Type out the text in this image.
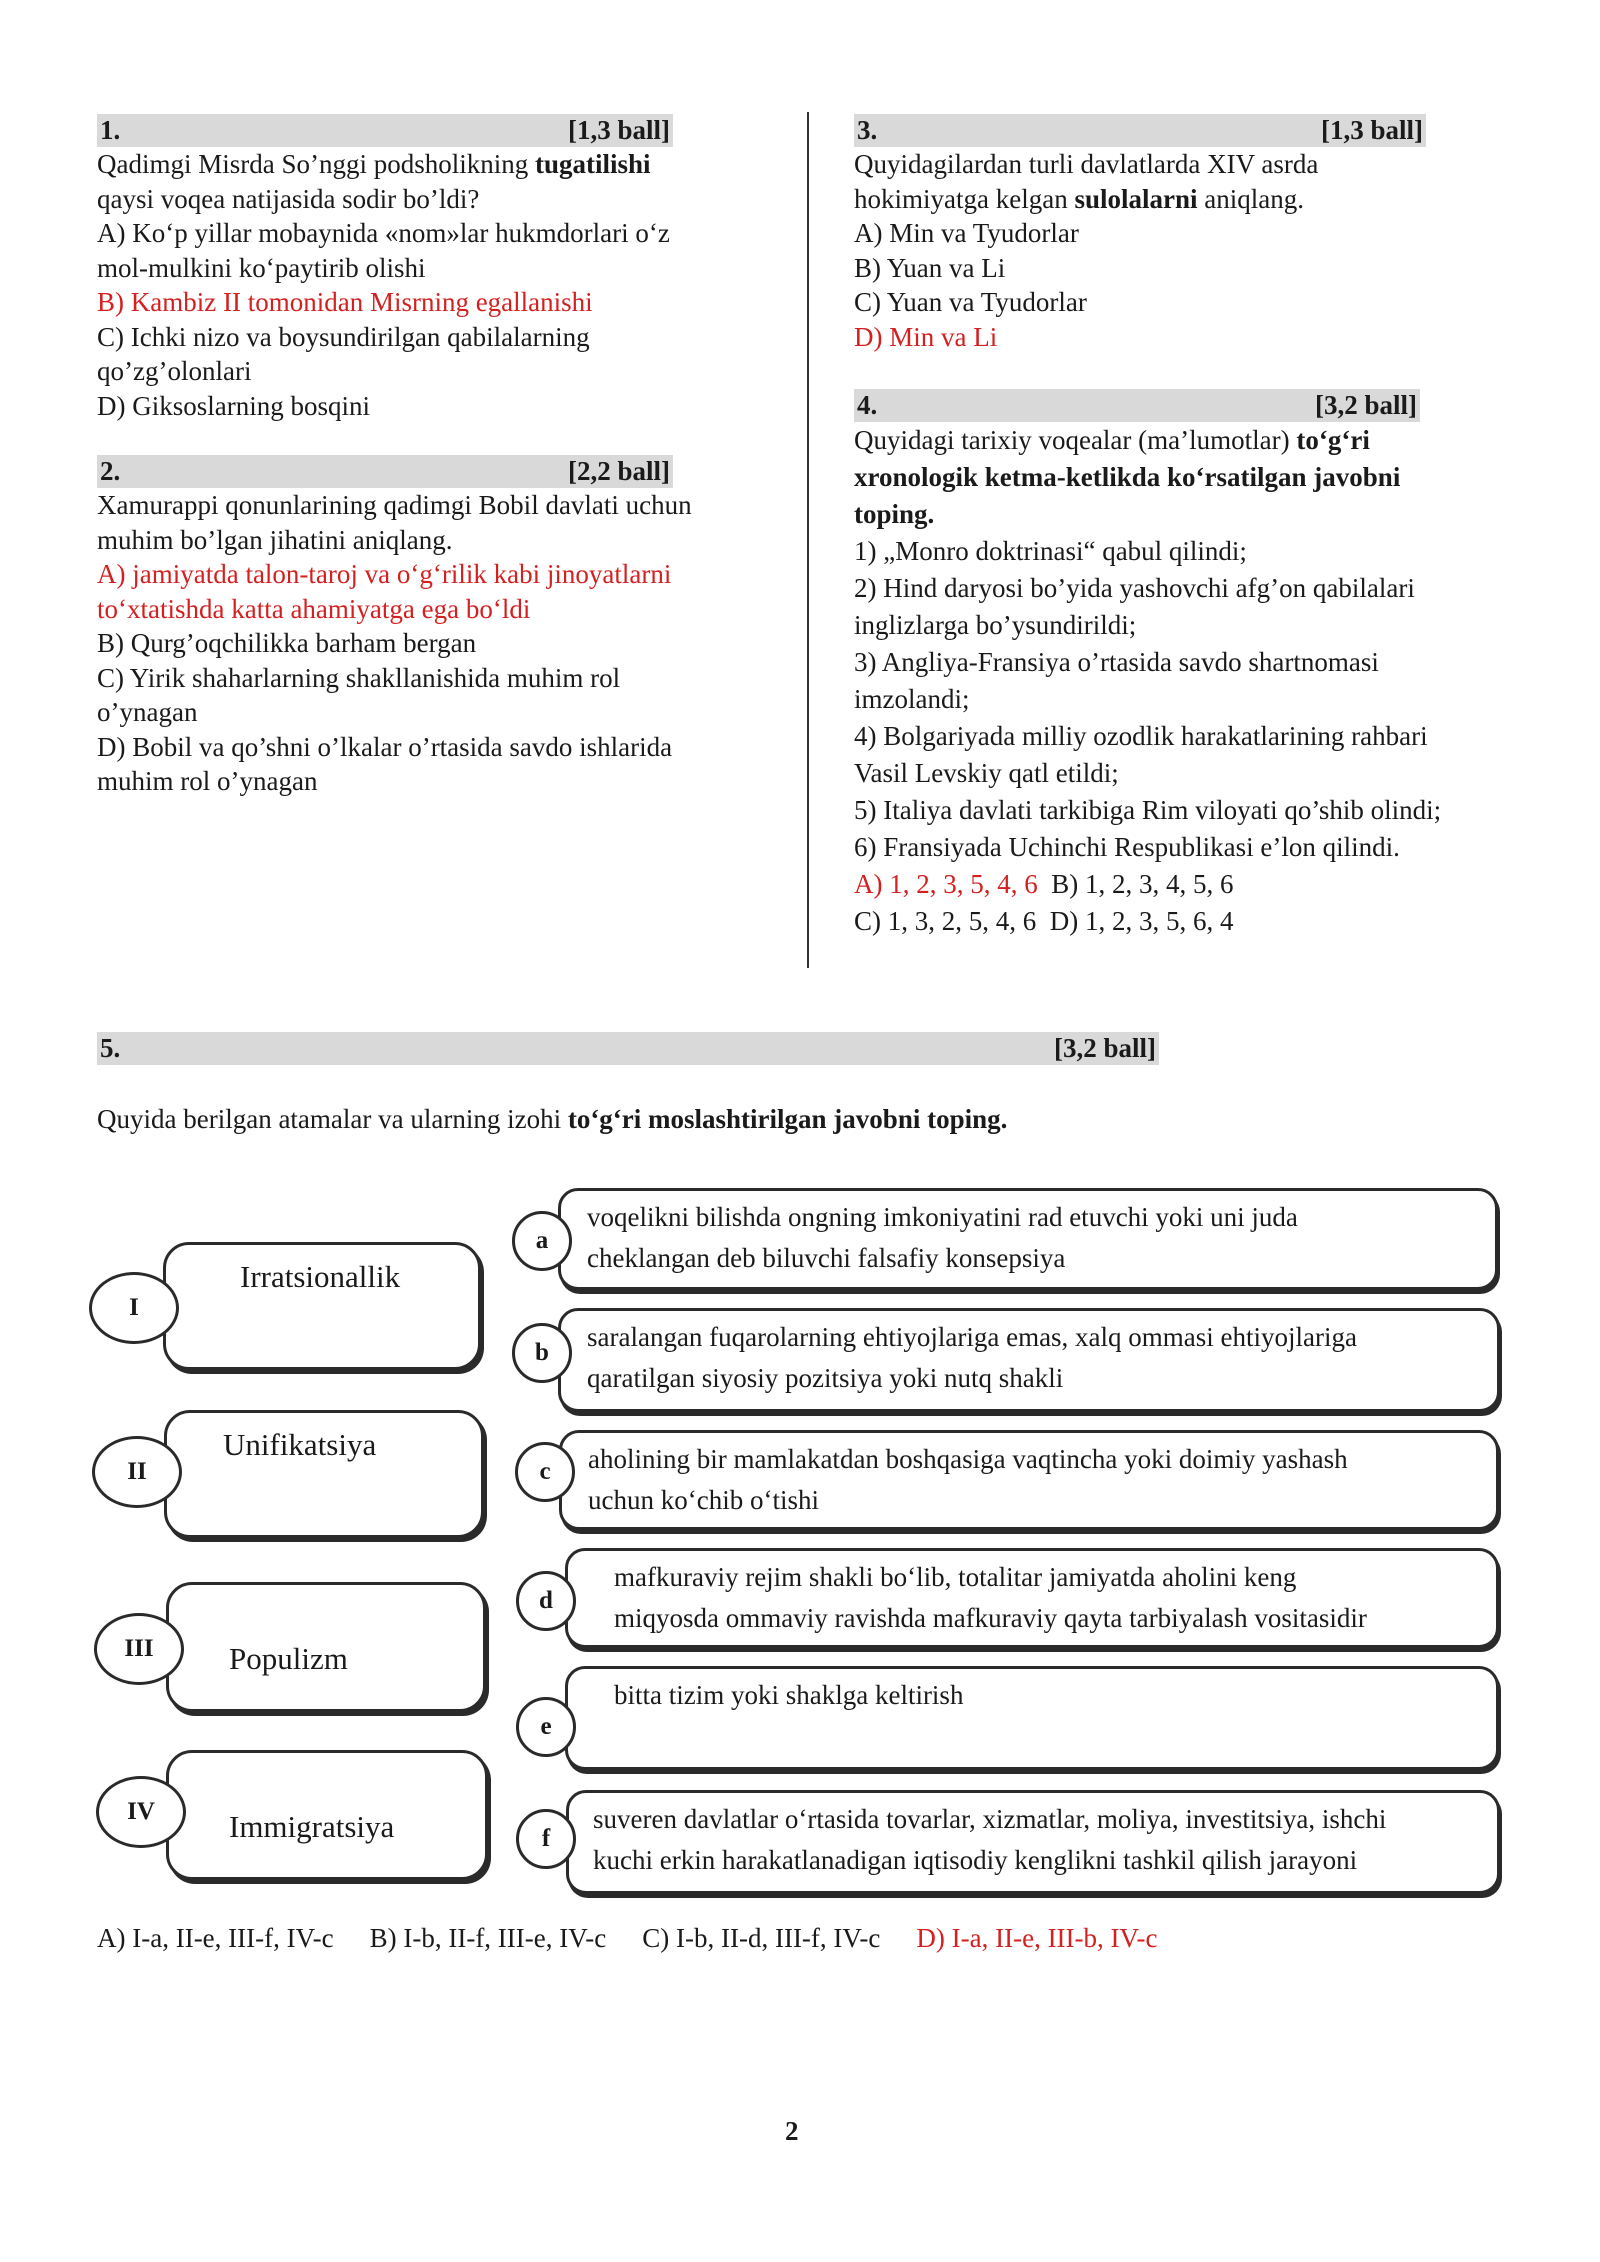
1.	[1,3 ball]
Qadimgi Misrda So’nggi podsholikning tugatilishi
qaysi voqea natijasida sodir bo’ldi?
A) Ko‘p yillar mobaynida «nom»lar hukmdorlari o‘z
mol-mulkini ko‘paytirib olishi
B) Kambiz II tomonidan Misrning egallanishi
C) Ichki nizo va boysundirilgan qabilalarning
qo’zg’olonlari
D) Giksoslarning bosqini
2.	[2,2 ball]
Xamurappi qonunlarining qadimgi Bobil davlati uchun
muhim bo’lgan jihatini aniqlang.
A) jamiyatda talon-taroj va o‘g‘rilik kabi jinoyatlarni
to‘xtatishda katta ahamiyatga ega bo‘ldi
B) Qurg’oqchilikka barham bergan
C) Yirik shaharlarning shakllanishida muhim rol
o’ynagan
D) Bobil va qo’shni o’lkalar o’rtasida savdo ishlarida
muhim rol o’ynagan
3.	[1,3 ball]
Quyidagilardan turli davlatlarda XIV asrda
hokimiyatga kelgan sulolalarni aniqlang.
A) Min va Tyudorlar
B) Yuan va Li
C) Yuan va Tyudorlar
D) Min va Li
4.	[3,2 ball]
Quyidagi tarixiy voqealar (ma’lumotlar) to‘g‘ri
xronologik ketma-ketlikda ko‘rsatilgan javobni
toping.
1) „Monro doktrinasi“ qabul qilindi;
2) Hind daryosi bo’yida yashovchi afg’on qabilalari
inglizlarga bo’ysundirildi;
3) Angliya-Fransiya o’rtasida savdo shartnomasi
imzolandi;
4) Bolgariyada milliy ozodlik harakatlarining rahbari
Vasil Levskiy qatl etildi;
5) Italiya davlati tarkibiga Rim viloyati qo’shib olindi;
6) Fransiyada Uchinchi Respublikasi e’lon qilindi.
A) 1, 2, 3, 5, 4, 6 B) 1, 2, 3, 4, 5, 6
C) 1, 3, 2, 5, 4, 6 D) 1, 2, 3, 5, 6, 4
5.	[3,2 ball]
Quyida berilgan atamalar va ularning izohi to‘g‘ri moslashtirilgan javobni toping.
Irratsionallik
I
Unifikatsiya
II
Populizm
III
Immigratsiya
IV
voqelikni bilishda ongning imkoniyatini rad etuvchi yoki uni juda
cheklangan deb biluvchi falsafiy konsepsiya
a
saralangan fuqarolarning ehtiyojlariga emas, xalq ommasi ehtiyojlariga
qaratilgan siyosiy pozitsiya yoki nutq shakli
b
aholining bir mamlakatdan boshqasiga vaqtincha yoki doimiy yashash
uchun ko‘chib o‘tishi
c
mafkuraviy rejim shakli bo‘lib, totalitar jamiyatda aholini keng
miqyosda ommaviy ravishda mafkuraviy qayta tarbiyalash vositasidir
d
bitta tizim yoki shaklga keltirish
e
suveren davlatlar o‘rtasida tovarlar, xizmatlar, moliya, investitsiya, ishchi
kuchi erkin harakatlanadigan iqtisodiy kenglikni tashkil qilish jarayoni
f
A) I-a, II-e, III-f, IV-c B) I-b, II-f, III-e, IV-c C) I-b, II-d, III-f, IV-c D) I-a, II-e, III-b, IV-c
2
